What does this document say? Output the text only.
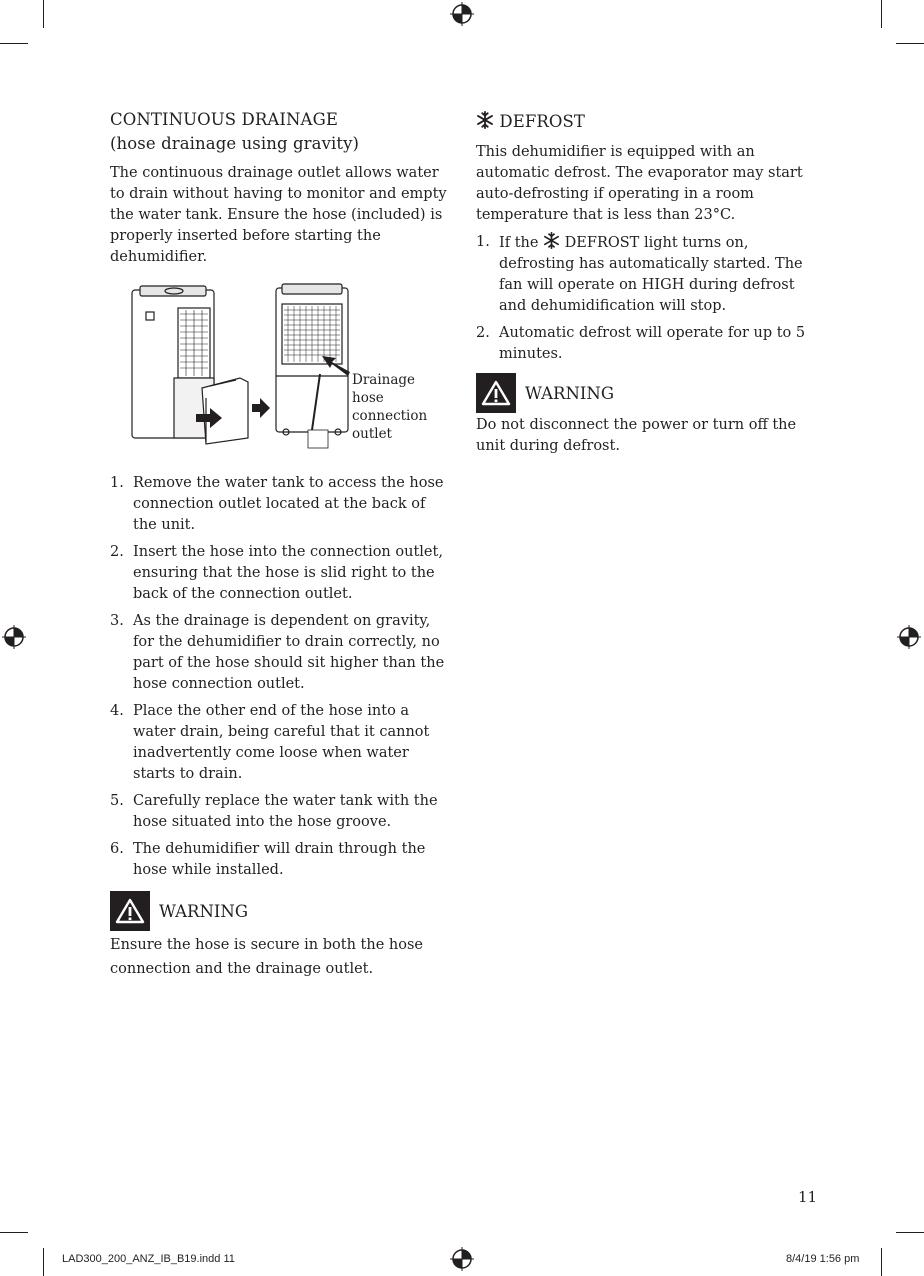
CONTINUOUS DRAINAGE
(hose drainage using gravity)

The continuous drainage outlet allows water to drain without having to monitor and empty the water tank. Ensure the hose (included) is properly inserted before starting the dehumidifier.

Drainage
hose
connection
outlet
1. Remove the water tank to access the hose connection outlet located at the back of the unit.
2. Insert the hose into the connection outlet, ensuring that the hose is slid right to the back of the connection outlet.
3. As the drainage is dependent on gravity, for the dehumidifier to drain correctly, no part of the hose should sit higher than the hose connection outlet.
4. Place the other end of the hose into a water drain, being careful that it cannot inadvertently come loose when water starts to drain.
5. Carefully replace the water tank with the hose situated into the hose groove.
6. The dehumidifier will drain through the hose while installed.
WARNING

Ensure the hose is secure in both the hose connection and the drainage outlet.

DEFROST

This dehumidifier is equipped with an automatic defrost. The evaporator may start auto-defrosting if operating in a room temperature that is less than 23°C.

1. If the DEFROST light turns on, defrosting has automatically started. The fan will operate on HIGH during defrost and dehumidification will stop.
2. Automatic defrost will operate for up to 5 minutes.
WARNING

Do not disconnect the power or turn off the unit during defrost.

11
LAD300_200_ANZ_IB_B19.indd 11	8/4/19 1:56 pm
